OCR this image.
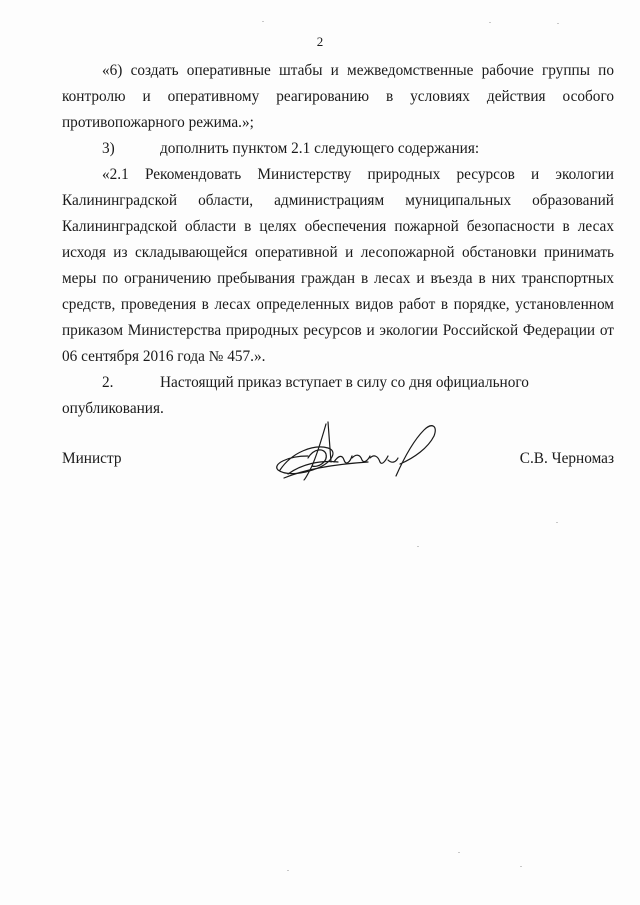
2
«6) создать оперативные штабы и межведомственные рабочие группы по
контролю и оперативному реагированию в условиях действия особого
противопожарного режима.»;
3)	дополнить пунктом 2.1 следующего содержания:
«2.1 Рекомендовать Министерству природных ресурсов и экологии
Калининградской области, администрациям муниципальных образований
Калининградской области в целях обеспечения пожарной безопасности в лесах
исходя из складывающейся оперативной и лесопожарной обстановки принимать
меры по ограничению пребывания граждан в лесах и въезда в них транспортных
средств, проведения в лесах определенных видов работ в порядке, установленном
приказом Министерства природных ресурсов и экологии Российской Федерации от
06 сентября 2016 года № 457.».
2.	Настоящий приказ вступает в силу со дня официального опубликования.
Министр	С.В. Черномаз
